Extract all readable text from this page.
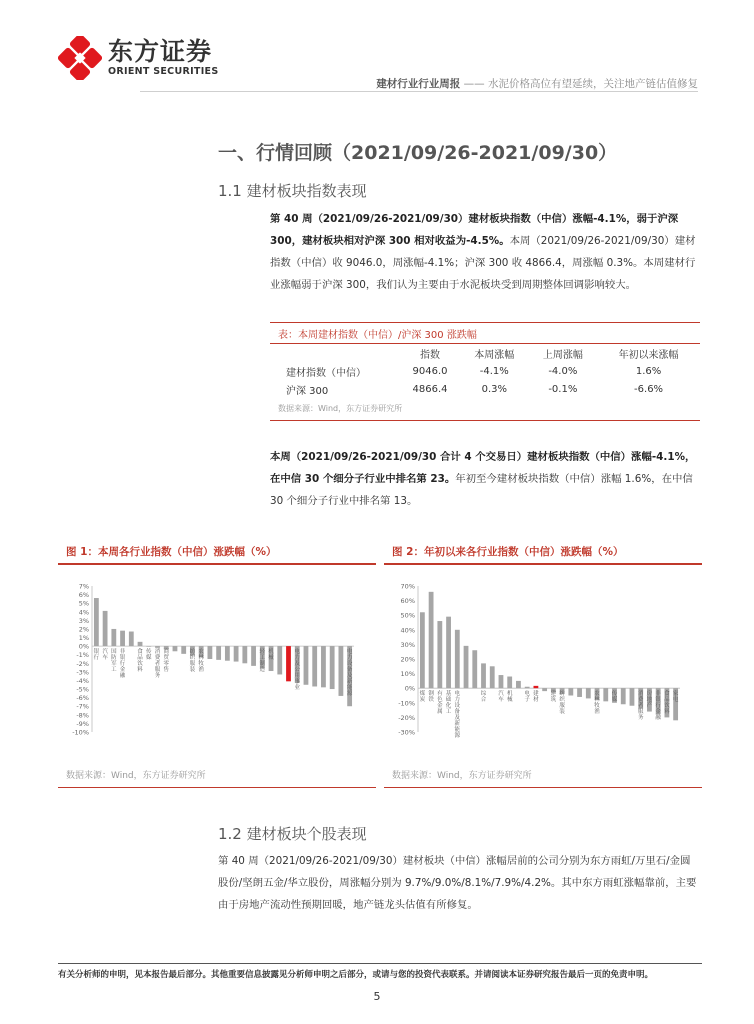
东方证券
ORIENT SECURITIES
建材行业行业周报 —— 水泥价格高位有望延续，关注地产链估值修复
一、行情回顾（2021/09/26-2021/09/30）
1.1 建材板块指数表现
第 40 周（2021/09/26-2021/09/30）建材板块指数（中信）涨幅-4.1%，弱于沪深 300，建材板块相对沪深 300 相对收益为-4.5%。本周（2021/09/26-2021/09/30）建材指数（中信）收 9046.0，周涨幅-4.1%；沪深 300 收 4866.4，周涨幅 0.3%。本周建材行业涨幅弱于沪深 300，我们认为主要由于水泥板块受到周期整体回调影响较大。
表：本周建材指数（中信）/沪深 300 涨跌幅
	指数	本周涨幅	上周涨幅	年初以来涨幅
建材指数（中信）	9046.0	-4.1%	-4.0%	1.6%
沪深 300	4866.4	0.3%	-0.1%	-6.6%
数据来源：Wind，东方证券研究所
本周（2021/09/26-2021/09/30 合计 4 个交易日）建材板块指数（中信）涨幅-4.1%，在中信 30 个细分子行业中排名第 23。年初至今建材板块指数（中信）涨幅 1.6%，在中信 30 个细分子行业中排名第 13。
图 1：本周各行业指数（中信）涨跌幅（%）
7%
6%
5%
4%
3%
2%
1%
0%
-1%
-2%
-3%
-4%
-5%
-6%
-7%
-8%
-9%
-10%
银行
汽车
国防军工
非银行金融
食品饮料
传媒
消费者服务
商贸零售
纺织服装
农林牧渔
轻工制造
机械
电力及公用事业
电力设备及新能源
数据来源：Wind，东方证券研究所
图 2：年初以来各行业指数（中信）涨跌幅（%）
70%
60%
50%
40%
30%
20%
10%
0%
-10%
-20%
-30%
煤炭
钢铁
有色金属
基础化工
电力设备及新能源
综合
汽车
机械
电子
建材
建筑
纺织服装
农林牧渔
传媒
消费者服务
房地产
非银行金融
食品饮料
家电
数据来源：Wind，东方证券研究所
1.2 建材板块个股表现
第 40 周（2021/09/26-2021/09/30）建材板块（中信）涨幅居前的公司分别为东方雨虹/万里石/金圆股份/坚朗五金/华立股份，周涨幅分别为 9.7%/9.0%/8.1%/7.9%/4.2%。其中东方雨虹涨幅靠前，主要由于房地产流动性预期回暖，地产链龙头估值有所修复。
有关分析师的申明，见本报告最后部分。其他重要信息披露见分析师申明之后部分，或请与您的投资代表联系。并请阅读本证券研究报告最后一页的免责申明。
5
